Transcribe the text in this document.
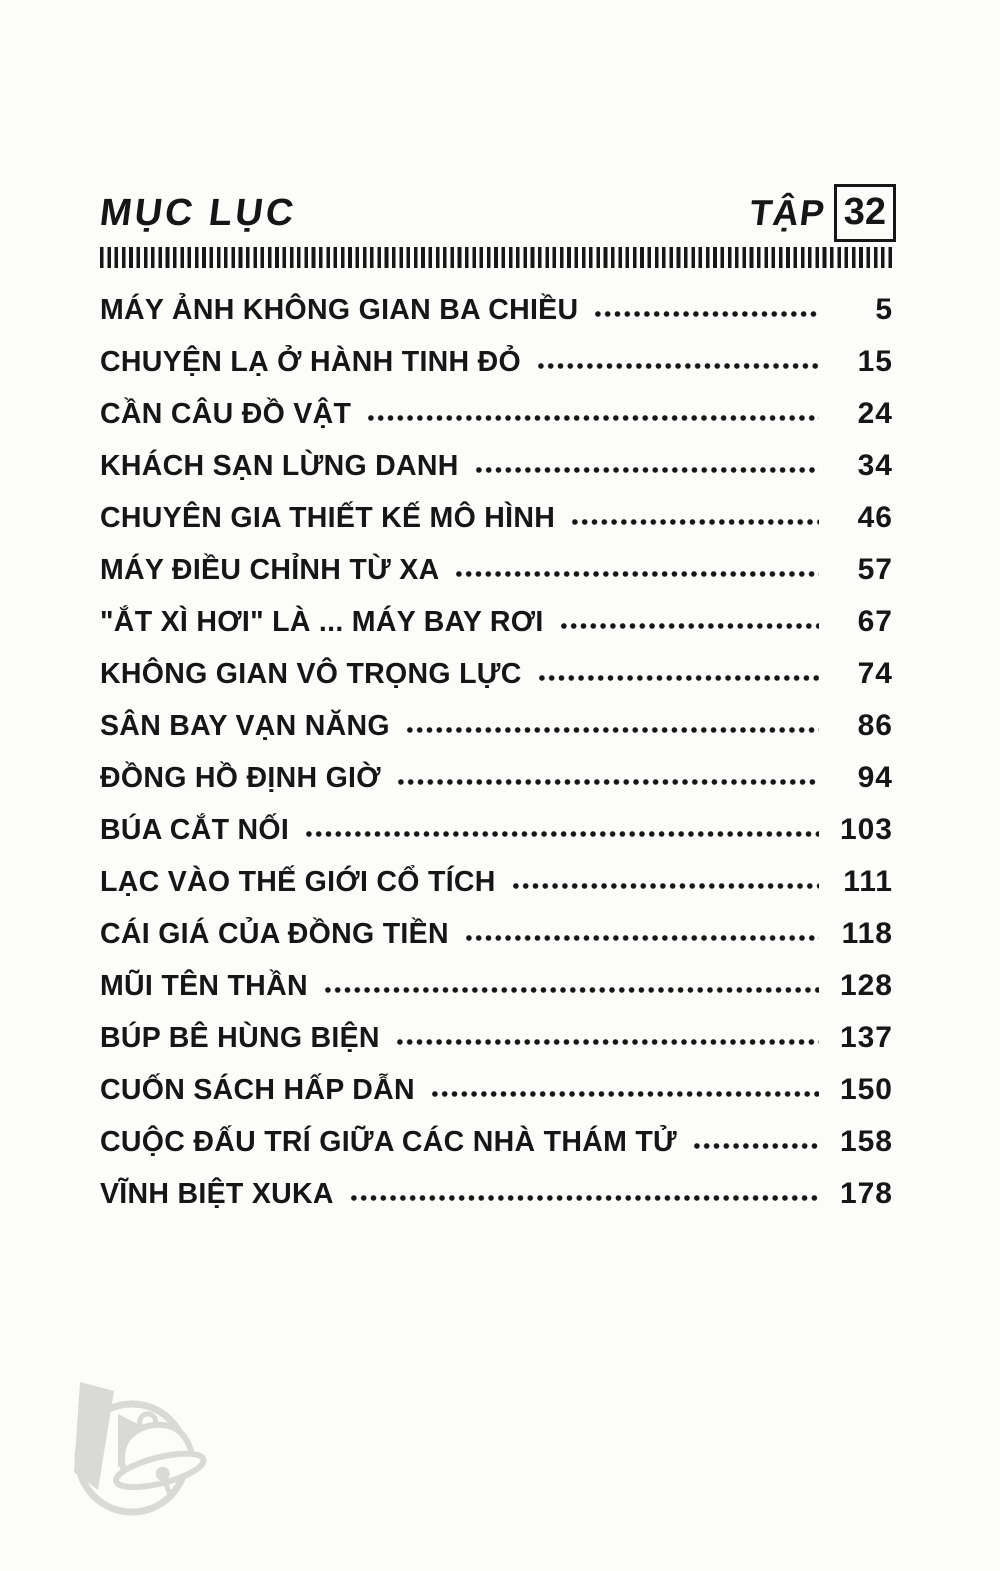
MỤC LỤC	TẬP 32
MÁY ẢNH KHÔNG GIAN BA CHIỀU	5
CHUYỆN LẠ Ở HÀNH TINH ĐỎ	15
CẦN CÂU ĐỒ VẬT	24
KHÁCH SẠN LỪNG DANH	34
CHUYÊN GIA THIẾT KẾ MÔ HÌNH	46
MÁY ĐIỀU CHỈNH TỪ XA	57
"ẮT XÌ HƠI" LÀ ... MÁY BAY RƠI	67
KHÔNG GIAN VÔ TRỌNG LỰC	74
SÂN BAY VẠN NĂNG	86
ĐỒNG HỒ ĐỊNH GIỜ	94
BÚA CẮT NỐI	103
LẠC VÀO THẾ GIỚI CỔ TÍCH	111
CÁI GIÁ CỦA ĐỒNG TIỀN	118
MŨI TÊN THẦN	128
BÚP BÊ HÙNG BIỆN	137
CUỐN SÁCH HẤP DẪN	150
CUỘC ĐẤU TRÍ GIỮA CÁC NHÀ THÁM TỬ	158
VĨNH BIỆT XUKA	178
